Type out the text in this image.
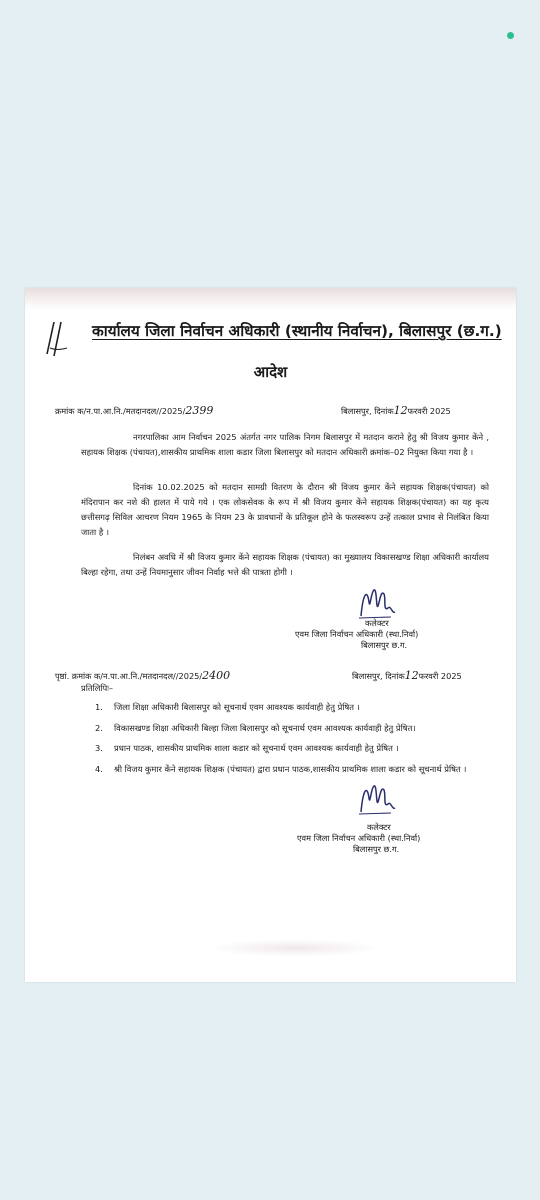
कार्यालय जिला निर्वाचन अधिकारी (स्थानीय निर्वाचन), बिलासपुर (छ.ग.)
आदेश
क्रमांक क/न.पा.आ.नि./मतदानदल//2025/2399	बिलासपुर, दिनांक12फरवरी 2025

नगरपालिका आम निर्वाचन 2025 अंतर्गत नगर पालिक निगम बिलासपुर में मतदान कराने हेतु श्री विजय कुमार केंने , सहायक शिक्षक (पंचायत),शासकीय प्राथमिक शाला कडार जिला बिलासपुर को मतदान अधिकारी क्रमांक–02 नियुक्त किया गया है ।

दिनांक 10.02.2025 को मतदान सामग्री वितरण के दौरान श्री विजय कुमार केंने सहायक शिक्षक(पंचायत) को मंदिरापान कर नशे की हालत में पाये गये । एक लोकसेवक के रूप में श्री विजय कुमार केंने सहायक शिक्षक(पंचायत) का यह कृत्य छत्तीसगढ़ सिविल आचरण नियम 1965 के नियम 23 के प्रावधानों के प्रतिकूल होने के फलस्वरूप उन्हें तत्काल प्रभाव से निलंबित किया जाता है ।

निलंबन अवधि में श्री विजय कुमार केंने सहायक शिक्षक (पंचायत) का मुख्यालय विकासखण्ड शिक्षा अधिकारी कार्यालय बिल्हा रहेगा, तथा उन्हें नियमानुसार जीवन निर्वाह भत्ते की पात्रता होगी ।

कलेक्टर
एवम जिला निर्वाचन अधिकारी (स्था.निर्वा)
बिलासपुर छ.ग.
पृष्ठां. क्रमांक क/न.पा.आ.नि./मतदानदल//2025/2400	बिलासपुर, दिनांक12फरवरी 2025
प्रतिलिपिः–
1. जिला शिक्षा अधिकारी बिलासपुर को सूचनार्थ एवम आवश्यक कार्यवाही हेतु प्रेषित ।
2. विकासखण्ड शिक्षा अधिकारी बिल्हा जिला बिलासपुर को सूचनार्थ एवम आवश्यक कार्यवाही हेतु प्रेषित।
3. प्रधान पाठक, शासकीय प्राथमिक शाला कडार को सूचनार्थ एवम आवश्यक कार्यवाही हेतु प्रेषित ।
4. श्री विजय कुमार केंने सहायक शिक्षक (पंचायत) द्वारा प्रधान पाठक,शासकीय प्राथमिक शाला कडार को सूचनार्थ प्रेषित ।
कलेक्टर
एवम जिला निर्वाचन अधिकारी (स्था.निर्वा)
बिलासपुर छ.ग.
